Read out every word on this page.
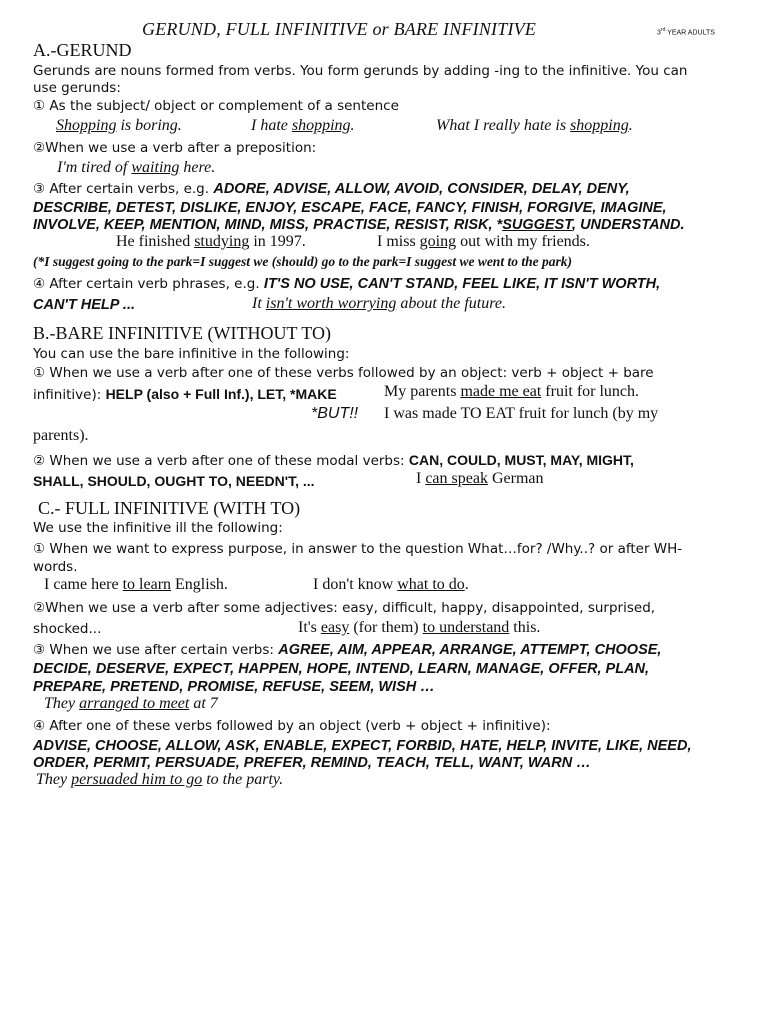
GERUND, FULL INFINITIVE or BARE INFINITIVE	3rd YEAR ADULTS
A.-GERUND
Gerunds are nouns formed from verbs. You form gerunds by adding -ing to the infinitive. You can
use gerunds:
① As the subject/ object or complement of a sentence
Shopping is boring.	I hate shopping.	What I really hate is shopping.
②When we use a verb after a preposition:
I'm tired of waiting here.
③ After certain verbs, e.g. ADORE, ADVISE, ALLOW, AVOID, CONSIDER, DELAY, DENY,
DESCRIBE, DETEST, DISLIKE, ENJOY, ESCAPE, FACE, FANCY, FINISH, FORGIVE, IMAGINE,
INVOLVE, KEEP, MENTION, MIND, MISS, PRACTISE, RESIST, RISK, *SUGGEST, UNDERSTAND.
He finished studying in 1997.	I miss going out with my friends.
(*I suggest going to the park=I suggest we (should) go to the park=I suggest we went to the park)
④ After certain verb phrases, e.g. IT'S NO USE, CAN'T STAND, FEEL LIKE, IT ISN'T WORTH,
CAN'T HELP ...	It isn't worth worrying about the future.
B.-BARE INFINITIVE (WITHOUT TO)
You can use the bare infinitive in the following:
① When we use a verb after one of these verbs followed by an object: verb + object + bare
infinitive): HELP (also + Full Inf.), LET, *MAKE	My parents made me eat fruit for lunch.
*BUT!! I was made TO EAT fruit for lunch (by my
parents).
② When we use a verb after one of these modal verbs: CAN, COULD, MUST, MAY, MIGHT,
SHALL, SHOULD, OUGHT TO, NEEDN'T, ...	I can speak German
C.- FULL INFINITIVE (WITH TO)
We use the infinitive ill the following:
① When we want to express purpose, in answer to the question What…for? /Why..? or after WH-
words.
I came here to learn English.	I don't know what to do.
②When we use a verb after some adjectives: easy, difficult, happy, disappointed, surprised,
shocked...	It's easy (for them) to understand this.
③ When we use after certain verbs: AGREE, AIM, APPEAR, ARRANGE, ATTEMPT, CHOOSE,
DECIDE, DESERVE, EXPECT, HAPPEN, HOPE, INTEND, LEARN, MANAGE, OFFER, PLAN,
PREPARE, PRETEND, PROMISE, REFUSE, SEEM, WISH …
They arranged to meet at 7
④ After one of these verbs followed by an object (verb + object + infinitive):
ADVISE, CHOOSE, ALLOW, ASK, ENABLE, EXPECT, FORBID, HATE, HELP, INVITE, LIKE, NEED,
ORDER, PERMIT, PERSUADE, PREFER, REMIND, TEACH, TELL, WANT, WARN …
They persuaded him to go to the party.
